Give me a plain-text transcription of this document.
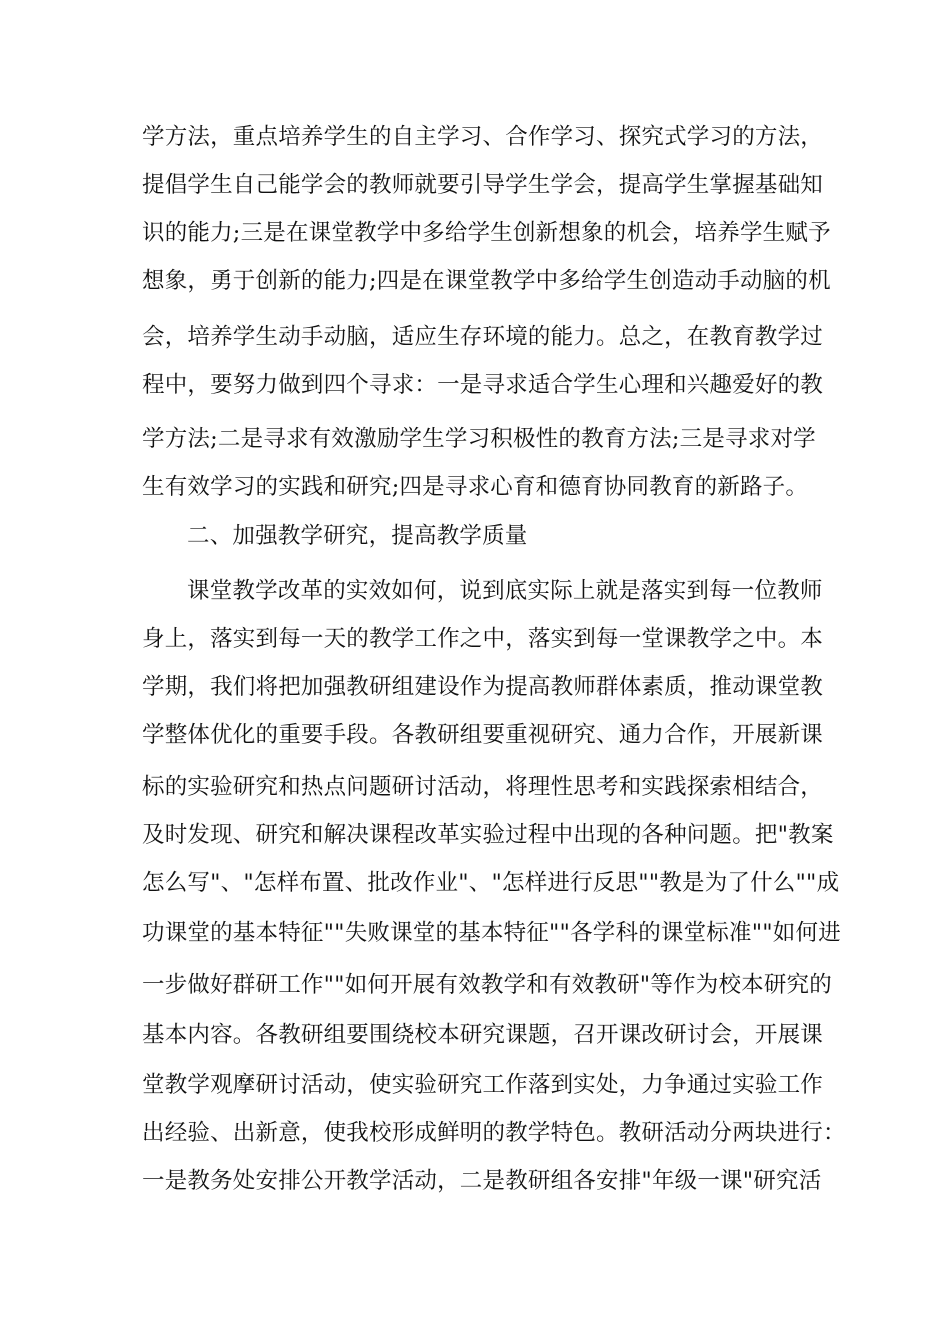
学方法，重点培养学生的自主学习、合作学习、探究式学习的方法，
提倡学生自己能学会的教师就要引导学生学会，提高学生掌握基础知
识的能力;三是在课堂教学中多给学生创新想象的机会，培养学生赋予
想象，勇于创新的能力;四是在课堂教学中多给学生创造动手动脑的机
会，培养学生动手动脑，适应生存环境的能力。总之，在教育教学过
程中，要努力做到四个寻求：一是寻求适合学生心理和兴趣爱好的教
学方法;二是寻求有效激励学生学习积极性的教育方法;三是寻求对学
生有效学习的实践和研究;四是寻求心育和德育协同教育的新路子。
二、加强教学研究，提高教学质量
课堂教学改革的实效如何，说到底实际上就是落实到每一位教师
身上，落实到每一天的教学工作之中，落实到每一堂课教学之中。本
学期，我们将把加强教研组建设作为提高教师群体素质，推动课堂教
学整体优化的重要手段。各教研组要重视研究、通力合作，开展新课
标的实验研究和热点问题研讨活动，将理性思考和实践探索相结合，
及时发现、研究和解决课程改革实验过程中出现的各种问题。把"教案
怎么写"、"怎样布置、批改作业"、"怎样进行反思""教是为了什么""成
功课堂的基本特征""失败课堂的基本特征""各学科的课堂标准""如何进
一步做好群研工作""如何开展有效教学和有效教研"等作为校本研究的
基本内容。各教研组要围绕校本研究课题，召开课改研讨会，开展课
堂教学观摩研讨活动，使实验研究工作落到实处，力争通过实验工作
出经验、出新意，使我校形成鲜明的教学特色。教研活动分两块进行：
一是教务处安排公开教学活动，二是教研组各安排"年级一课"研究活
